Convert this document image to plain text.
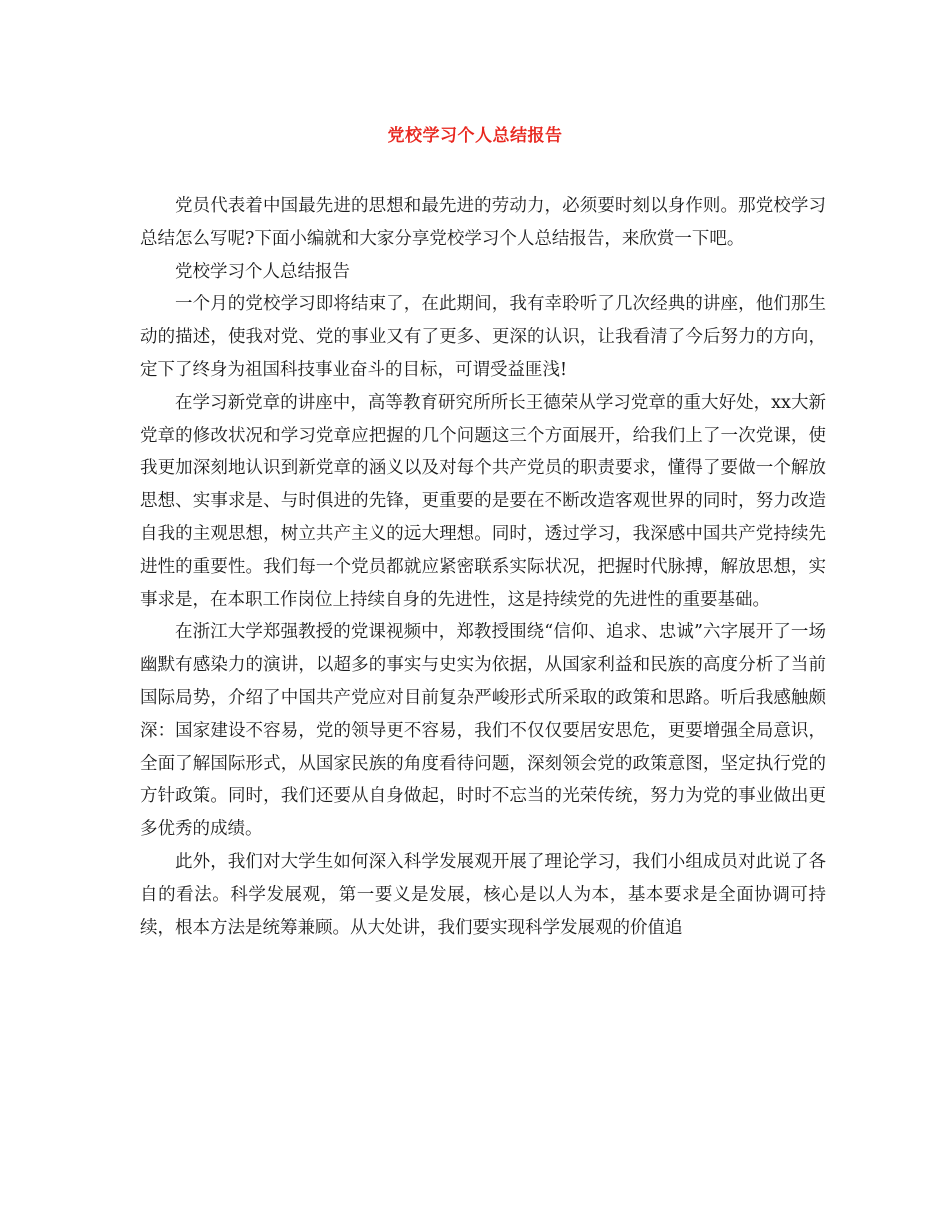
党校学习个人总结报告

党员代表着中国最先进的思想和最先进的劳动力，必须要时刻以身作则。那党校学习总结怎么写呢?下面小编就和大家分享党校学习个人总结报告，来欣赏一下吧。

党校学习个人总结报告

一个月的党校学习即将结束了，在此期间，我有幸聆听了几次经典的讲座，他们那生动的描述，使我对党、党的事业又有了更多、更深的认识，让我看清了今后努力的方向，定下了终身为祖国科技事业奋斗的目标，可谓受益匪浅!

在学习新党章的讲座中，高等教育研究所所长王德荣从学习党章的重大好处，xx大新党章的修改状况和学习党章应把握的几个问题这三个方面展开，给我们上了一次党课，使我更加深刻地认识到新党章的涵义以及对每个共产党员的职责要求，懂得了要做一个解放思想、实事求是、与时俱进的先锋，更重要的是要在不断改造客观世界的同时，努力改造自我的主观思想，树立共产主义的远大理想。同时，透过学习，我深感中国共产党持续先进性的重要性。我们每一个党员都就应紧密联系实际状况，把握时代脉搏，解放思想，实事求是，在本职工作岗位上持续自身的先进性，这是持续党的先进性的重要基础。

在浙江大学郑强教授的党课视频中，郑教授围绕“信仰、追求、忠诚”六字展开了一场幽默有感染力的演讲，以超多的事实与史实为依据，从国家利益和民族的高度分析了当前国际局势，介绍了中国共产党应对目前复杂严峻形式所采取的政策和思路。听后我感触颇深：国家建设不容易，党的领导更不容易，我们不仅仅要居安思危，更要增强全局意识，全面了解国际形式，从国家民族的角度看待问题，深刻领会党的政策意图，坚定执行党的方针政策。同时，我们还要从自身做起，时时不忘当的光荣传统，努力为党的事业做出更多优秀的成绩。

此外，我们对大学生如何深入科学发展观开展了理论学习，我们小组成员对此说了各自的看法。科学发展观，第一要义是发展，核心是以人为本，基本要求是全面协调可持续，根本方法是统筹兼顾。从大处讲，我们要实现科学发展观的价值追
